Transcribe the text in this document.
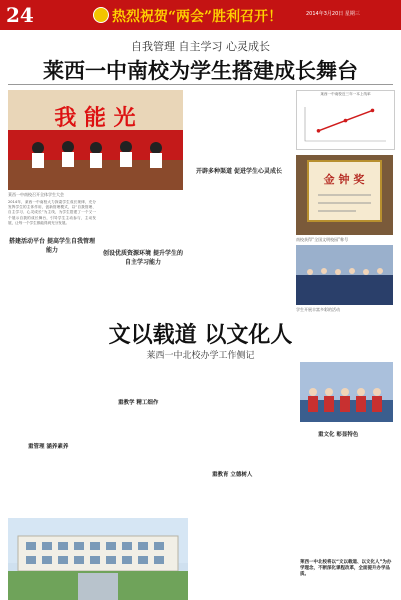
24	热烈祝贺“两会”胜利召开！	2014年3月20日 星期三
自我管理 自主学习 心灵成长
莱西一中南校为学生搭建成长舞台
我 能 光
莱西一中南校召开全体学生大会
2014年，莱西一中南校大力探索学生成长规律，充分发挥学生的主体作用，创新管理模式，以“自我管理、自主学习、心灵成长”为主线，为学生搭建了一个又一个展示自我的成长舞台，引导学生主动参与，主动发展，让每一个学生都能得到充分发展。
搭建活动平台 提高学生自我管理能力	创设优质资源环境 提升学生的自主学习能力
开辟多种渠道 促进学生心灵成长
莱西一中南校近三年一本上线率
金 钟 奖
南校获得“全国文明校园”称号
学生开展丰富多彩的活动
文以载道 以文化人
莱西一中北校办学工作侧记
重管理 涵养素养
重教学 精工细作
重教育 立德树人
重文化 彰显特色
莱西一中北校将以“文以载道、以文化人”为办学理念，不断深化课程改革，全面提升办学品质。
